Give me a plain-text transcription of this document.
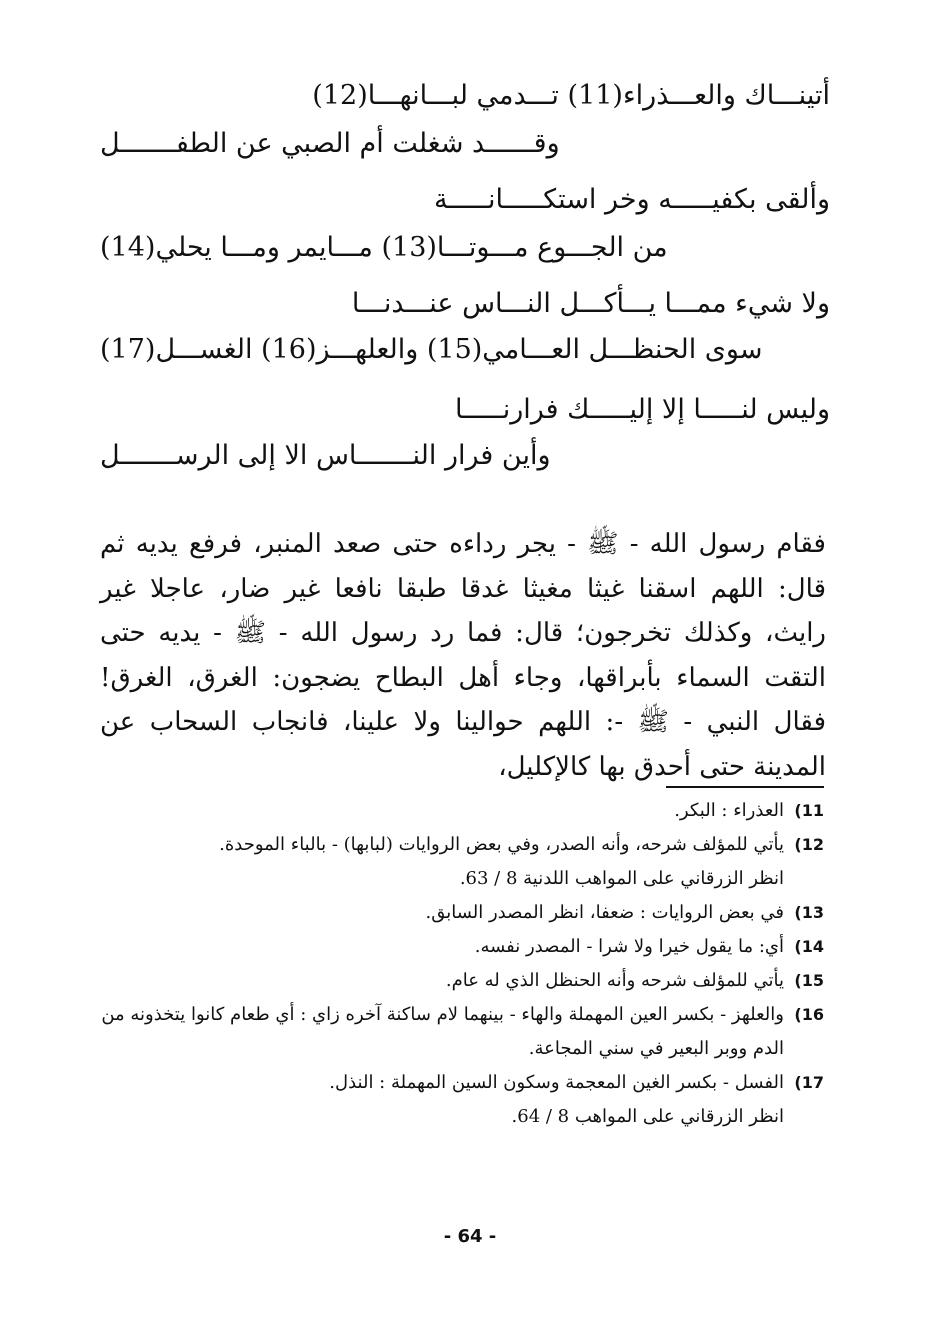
أتينـــاك والعـــذراء(11) تـــدمي لبـــانهـــا(12)
وقــــــد شغلت أم الصبي عن الطفـــــــل
وألقى بكفيـــــه وخر استكـــــانـــــة
من الجـــوع مـــوتـــا(13) مـــايمر ومـــا يحلي(14)
ولا شيء ممـــا يـــأكـــل النـــاس عنـــدنـــا
سوى الحنظـــل العـــامي(15) والعلهـــز(16) الغســـل(17)
وليس لنـــــا إلا إليـــــك فرارنـــــا
وأين فرار النـــــــاس الا إلى الرســـــــل

فقام رسول الله - ﷺ - يجر رداءه حتى صعد المنبر، فرفع يديه ثم قال: اللهم اسقنا غيثا مغيثا غدقا طبقا نافعا غير ضار، عاجلا غير رايث، وكذلك تخرجون؛ قال: فما رد رسول الله - ﷺ - يديه حتى التقت السماء بأبراقها، وجاء أهل البطاح يضجون: الغرق، الغرق! فقال النبي - ﷺ -: اللهم حوالينا ولا علينا، فانجاب السحاب عن المدينة حتى أحدق بها كالإكليل،

11)
العذراء : البكر.
12)
يأتي للمؤلف شرحه، وأنه الصدر، وفي بعض الروايات (لبابها) - بالباء الموحدة.
انظر الزرقاني على المواهب اللدنية 8 / 63.
13)
في بعض الروايات : ضعفا، انظر المصدر السابق.
14)
أي: ما يقول خيرا ولا شرا - المصدر نفسه.
15)
يأتي للمؤلف شرحه وأنه الحنظل الذي له عام.
16)
والعلهز - بكسر العين المهملة والهاء - بينهما لام ساكنة آخره زاي : أي طعام كانوا يتخذونه من الدم ووبر البعير في سني المجاعة.
17)
الفسل - بكسر الغين المعجمة وسكون السين المهملة : النذل.
انظر الزرقاني على المواهب 8 / 64.
- 64 -
